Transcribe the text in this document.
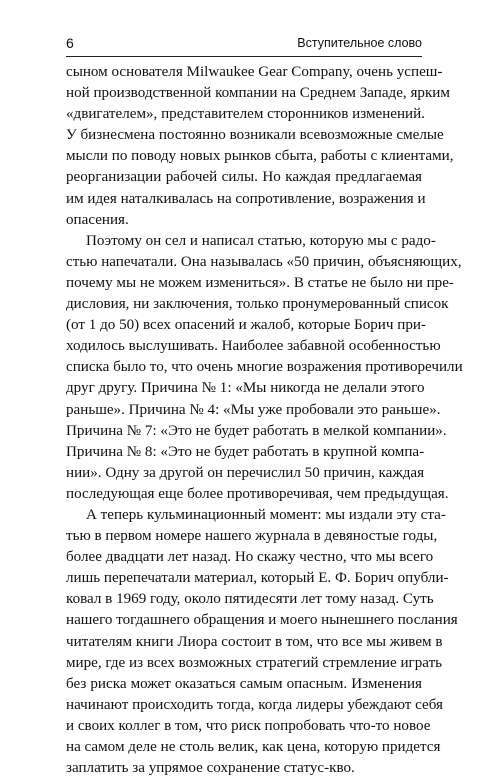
6	Вступительное слово
сыном основателя Milwaukee Gear Company, очень успеш-
ной производственной компании на Среднем Западе, ярким
«двигателем», представителем сторонников изменений.
У бизнесмена постоянно возникали всевозможные смелые
мысли по поводу новых рынков сбыта, работы с клиентами,
реорганизации рабочей силы. Но каждая предлагаемая
им идея наталкивалась на сопротивление, возражения и
опасения.
Поэтому он сел и написал статью, которую мы с радо-
стью напечатали. Она называлась «50 причин, объясняющих,
почему мы не можем измениться». В статье не было ни пре-
дисловия, ни заключения, только пронумерованный список
(от 1 до 50) всех опасений и жалоб, которые Борич при-
ходилось выслушивать. Наиболее забавной особенностью
списка было то, что очень многие возражения противоречили
друг другу. Причина № 1: «Мы никогда не делали этого
раньше». Причина № 4: «Мы уже пробовали это раньше».
Причина № 7: «Это не будет работать в мелкой компании».
Причина № 8: «Это не будет работать в крупной компа-
нии». Одну за другой он перечислил 50 причин, каждая
последующая еще более противоречивая, чем предыдущая.
А теперь кульминационный момент: мы издали эту ста-
тью в первом номере нашего журнала в девяностые годы,
более двадцати лет назад. Но скажу честно, что мы всего
лишь перепечатали материал, который Е. Ф. Борич опубли-
ковал в 1969 году, около пятидесяти лет тому назад. Суть
нашего тогдашнего обращения и моего нынешнего послания
читателям книги Лиора состоит в том, что все мы живем в
мире, где из всех возможных стратегий стремление играть
без риска может оказаться самым опасным. Изменения
начинают происходить тогда, когда лидеры убеждают себя
и своих коллег в том, что риск попробовать что-то новое
на самом деле не столь велик, как цена, которую придется
заплатить за упрямое сохранение статус-кво.
